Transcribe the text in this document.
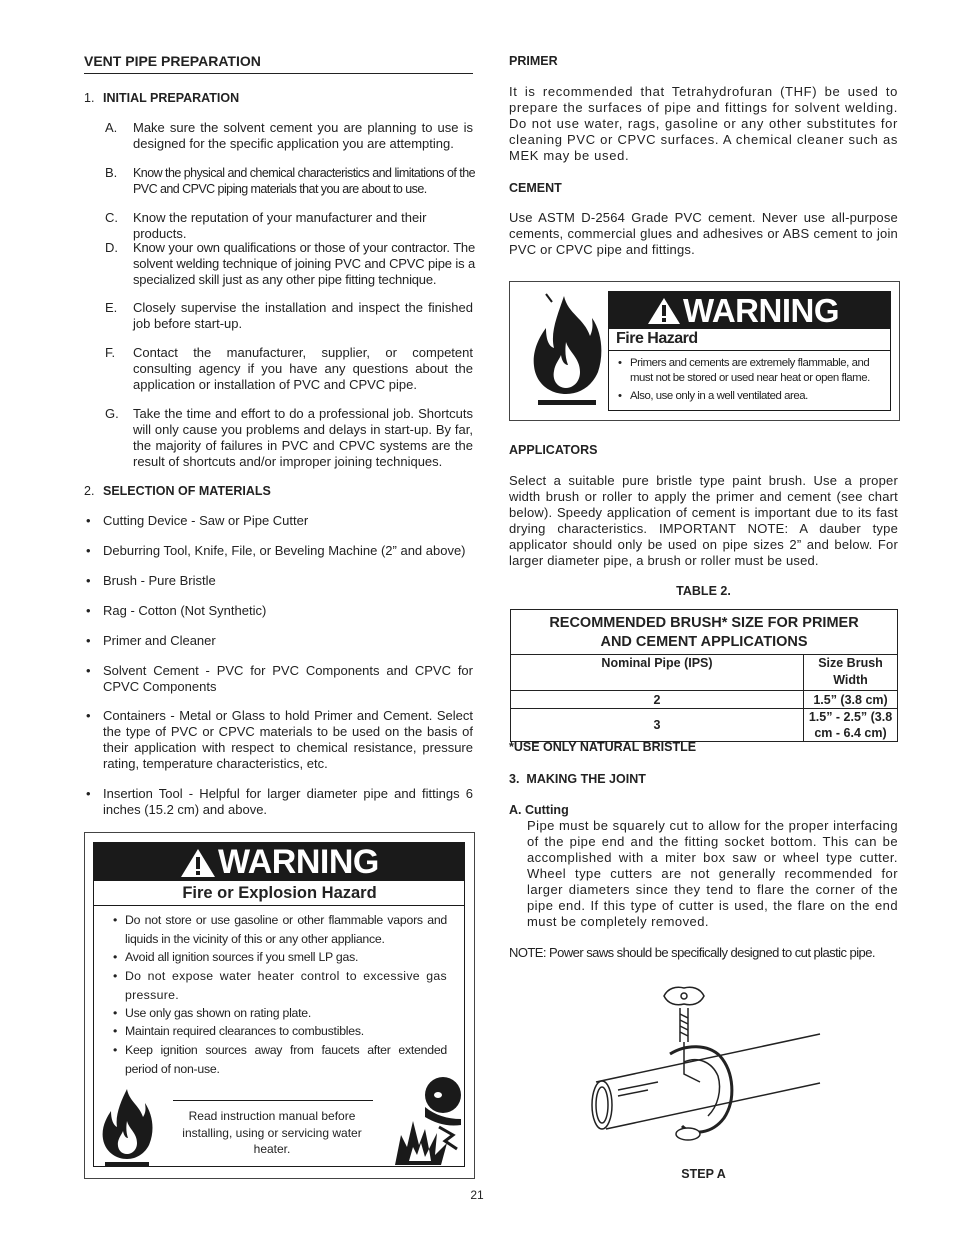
VENT PIPE PREPARATION
1. INITIAL PREPARATION
A. Make sure the solvent cement you are planning to use is designed for the specific application you are attempting.
B. Know the physical and chemical characteristics and limitations of the PVC and CPVC piping materials that you are about to use.
C. Know the reputation of your manufacturer and their products.
D. Know your own qualifications or those of your contractor. The solvent welding technique of joining PVC and CPVC pipe is a specialized skill just as any other pipe fitting technique.
E. Closely supervise the installation and inspect the finished job before start-up.
F. Contact the manufacturer, supplier, or competent consulting agency if you have any questions about the application or installation of PVC and CPVC pipe.
G. Take the time and effort to do a professional job. Shortcuts will only cause you problems and delays in start-up. By far, the majority of failures in PVC and CPVC systems are the result of shortcuts and/or improper joining techniques.
2. SELECTION OF MATERIALS
• Cutting Device - Saw or Pipe Cutter
• Deburring Tool, Knife, File, or Beveling Machine (2” and above)
• Brush - Pure Bristle
• Rag - Cotton (Not Synthetic)
• Primer and Cleaner
• Solvent Cement - PVC for PVC Components and CPVC for CPVC Components
• Containers - Metal or Glass to hold Primer and Cement. Select the type of PVC or CPVC materials to be used on the basis of their application with respect to chemical resistance, pressure rating, temperature characteristics, etc.
• Insertion Tool - Helpful for larger diameter pipe and fittings 6 inches (15.2 cm) and above.
WARNING
Fire or Explosion Hazard
• Do not store or use gasoline or other flammable vapors and liquids in the vicinity of this or any other appliance.
• Avoid all ignition sources if you smell LP gas.
• Do not expose water heater control to excessive gas pressure.
• Use only gas shown on rating plate.
• Maintain required clearances to combustibles.
• Keep ignition sources away from faucets after extended period of non-use.
Read instruction manual before installing, using or servicing water heater.
PRIMER
It is recommended that Tetrahydrofuran (THF) be used to prepare the surfaces of pipe and fittings for solvent welding. Do not use water, rags, gasoline or any other substitutes for cleaning PVC or CPVC surfaces. A chemical cleaner such as MEK may be used.
CEMENT
Use ASTM D-2564 Grade PVC cement. Never use all-purpose cements, commercial glues and adhesives or ABS cement to join PVC or CPVC pipe and fittings.
WARNING
Fire Hazard
• Primers and cements are extremely flammable, and must not be stored or used near heat or open flame.
• Also, use only in a well ventilated area.
APPLICATORS
Select a suitable pure bristle type paint brush. Use a proper width brush or roller to apply the primer and cement (see chart below). Speedy application of cement is important due to its fast drying characteristics. IMPORTANT NOTE: A dauber type applicator should only be used on pipe sizes 2” and below. For larger diameter pipe, a brush or roller must be used.
TABLE 2.
RECOMMENDED BRUSH* SIZE FOR PRIMER
AND CEMENT APPLICATIONS	

Nominal Pipe (IPS)	Size Brush Width
2	1.5” (3.8 cm)
3	1.5” - 2.5” (3.8 cm - 6.4 cm)
*USE ONLY NATURAL BRISTLE
3 .  MAKING THE JOINT
A. Cutting
Pipe must be squarely cut to allow for the proper interfacing of the pipe end and the fitting socket bottom. This can be accomplished with a miter box saw or wheel type cutter. Wheel type cutters are not generally recommended for larger diameters since they tend to flare the corner of the pipe end. If this type of cutter is used, the flare on the end must be completely removed.
NOTE: Power saws should be specifically designed to cut plastic pipe.
STEP A
21
